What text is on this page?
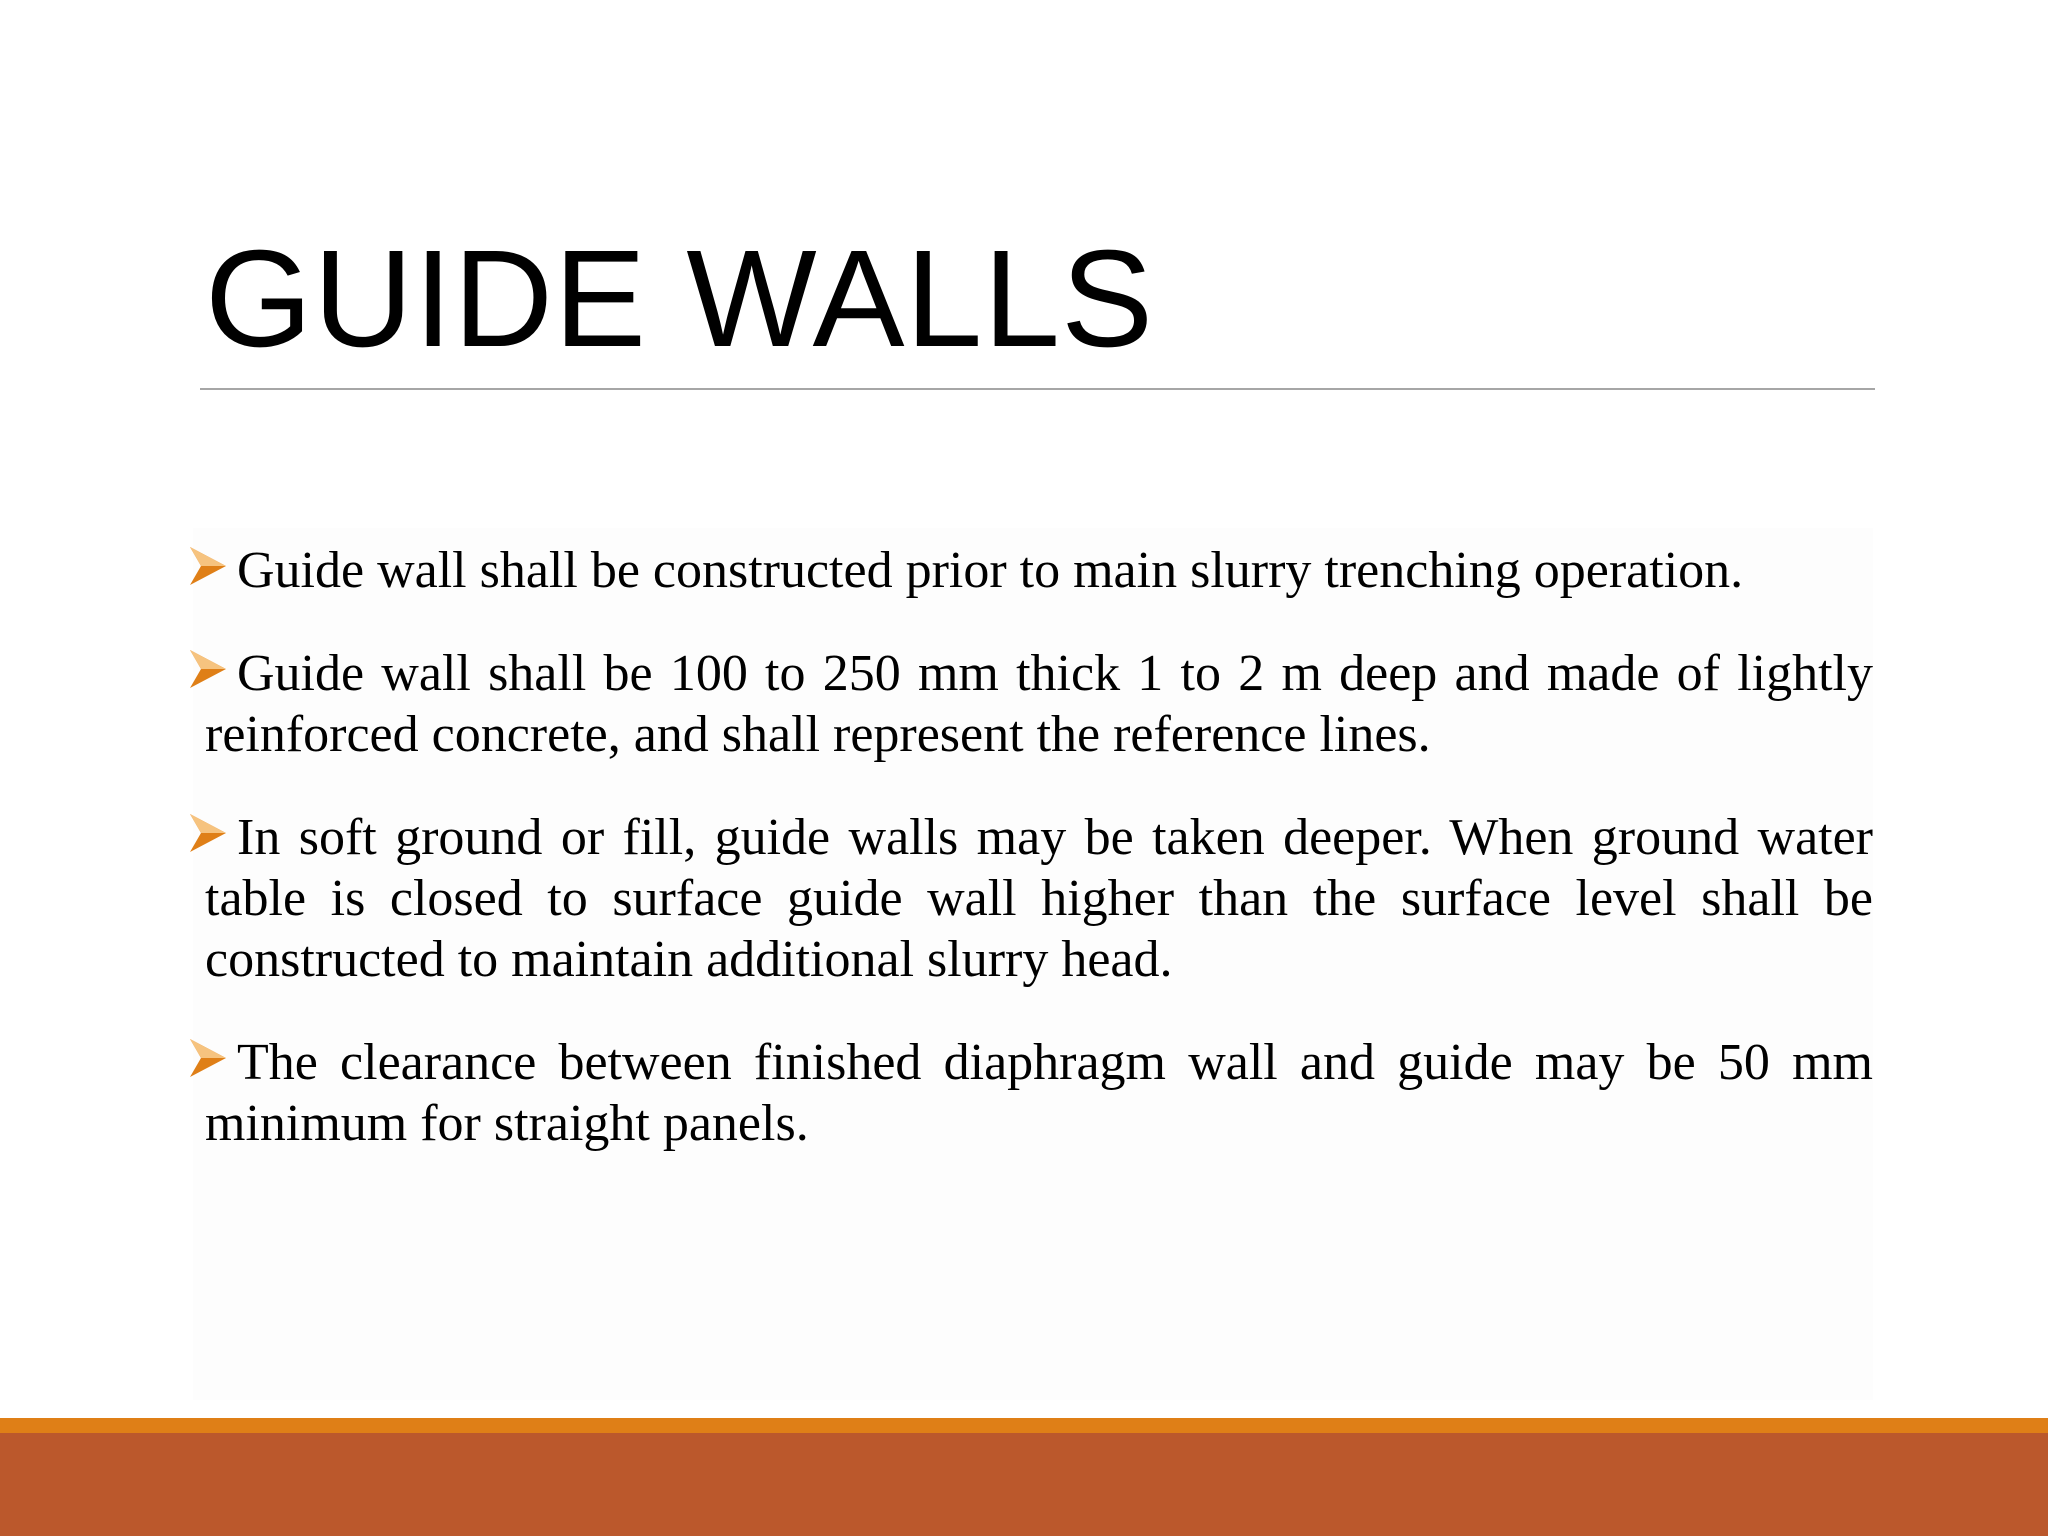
GUIDE WALLS
Guide wall shall be constructed prior to main slurry trenching operation.
Guide wall shall be 100 to 250 mm thick 1 to 2 m deep and made of lightly reinforced concrete, and shall represent the reference lines.
In soft ground or fill, guide walls may be taken deeper. When ground water table is closed to surface guide wall higher than the surface level shall be constructed to maintain additional slurry head.
The clearance between finished diaphragm wall and guide may be 50 mm minimum for straight panels.
